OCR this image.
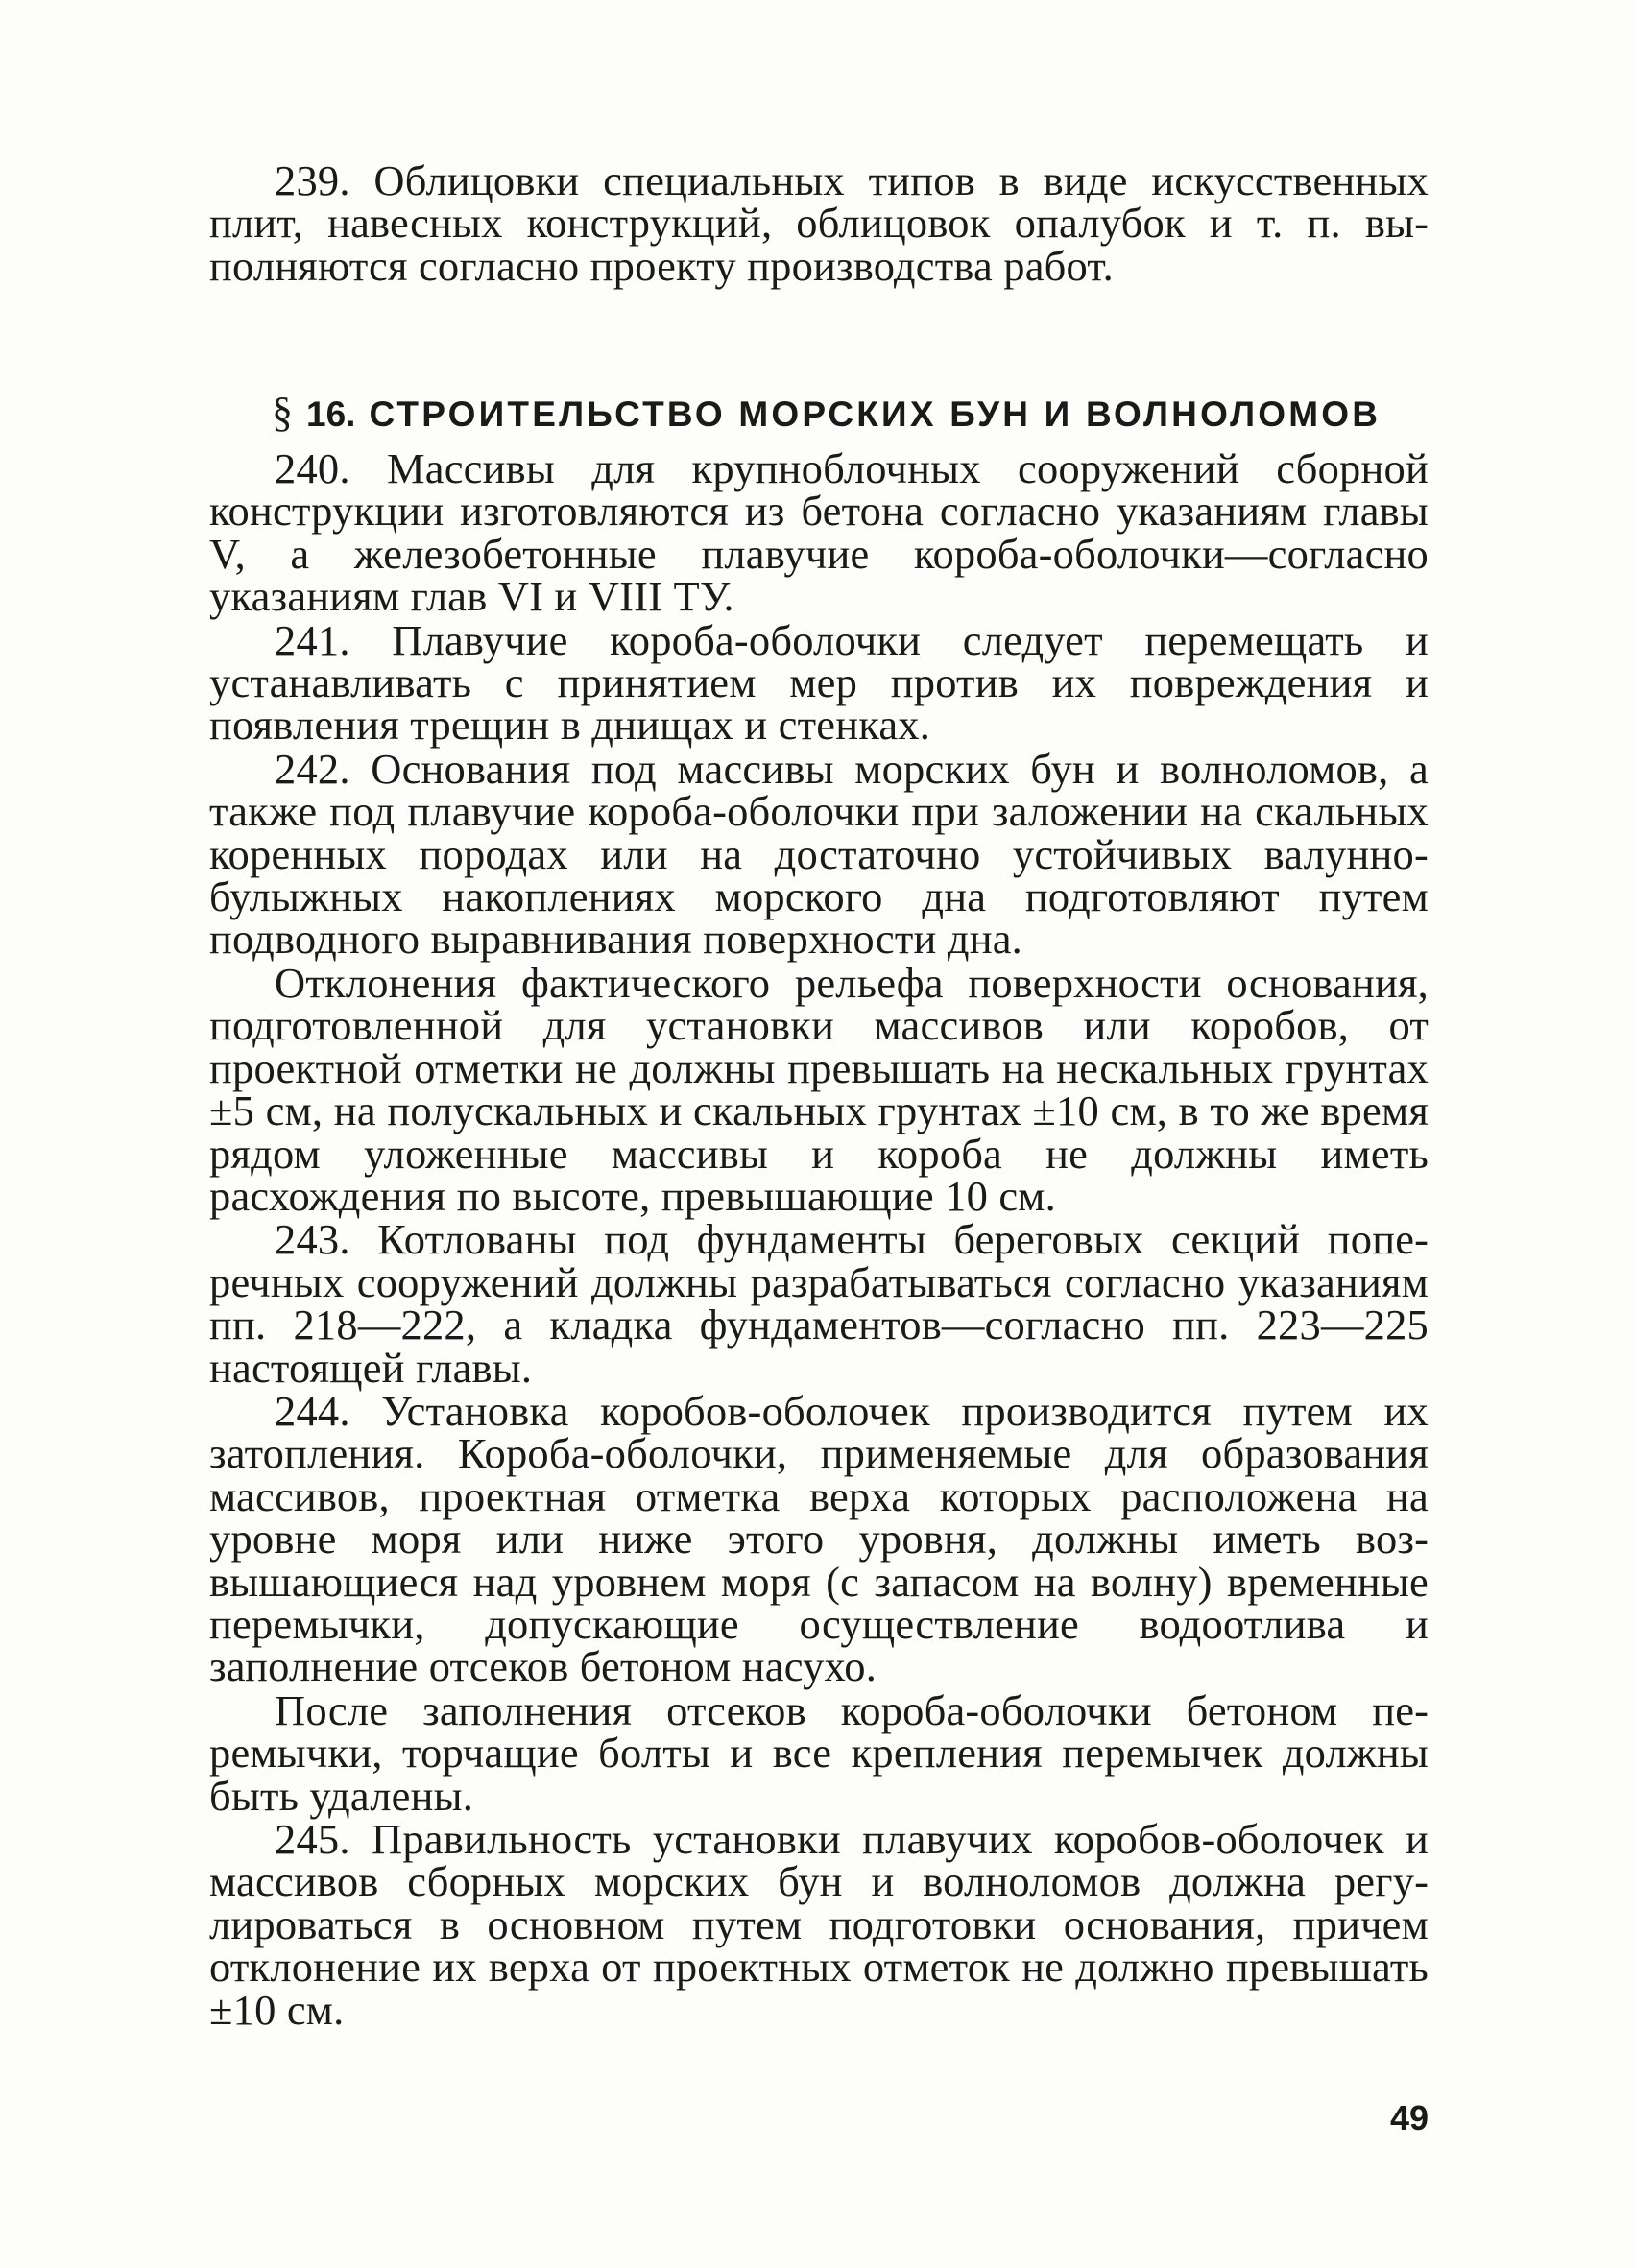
239. Облицовки специальных типов в виде искусственных плит, навесных конструкций, облицовок опалубок и т. п. выполняются согласно проекту производства работ.

§ 16. СТРОИТЕЛЬСТВО МОРСКИХ БУН И ВОЛНОЛОМОВ

240. Массивы для крупноблочных сооружений сборной конструкции изготовляются из бетона согласно указаниям главы V, а железобетонные плавучие короба-оболочки—согласно указаниям глав VI и VIII ТУ.

241. Плавучие короба-оболочки следует перемещать и устанавливать с принятием мер против их повреждения и появления трещин в днищах и стенках.

242. Основания под массивы морских бун и волноломов, а также под плавучие короба-оболочки при заложении на скальных коренных породах или на достаточно устойчивых валунно-булыжных накоплениях морского дна подготовляют путем подводного выравнивания поверхности дна.

Отклонения фактического рельефа поверхности основания, подготовленной для установки массивов или коробов, от проектной отметки не должны превышать на нескальных грунтах ±5 см, на полускальных и скальных грунтах ±10 см, в то же время рядом уложенные массивы и короба не должны иметь расхождения по высоте, превышающие 10 см.

243. Котлованы под фундаменты береговых секций поперечных сооружений должны разрабатываться согласно указаниям пп. 218—222, а кладка фундаментов—согласно пп. 223—225 настоящей главы.

244. Установка коробов-оболочек производится путем их затопления. Короба-оболочки, применяемые для образования массивов, проектная отметка верха которых расположена на уровне моря или ниже этого уровня, должны иметь возвышающиеся над уровнем моря (с запасом на волну) временные перемычки, допускающие осуществление водоотлива и заполнение отсеков бетоном насухо.

После заполнения отсеков короба-оболочки бетоном перемычки, торчащие болты и все крепления перемычек должны быть удалены.

245. Правильность установки плавучих коробов-оболочек и массивов сборных морских бун и волноломов должна регулироваться в основном путем подготовки основания, причем отклонение их верха от проектных отметок не должно превышать ±10 см.

49
